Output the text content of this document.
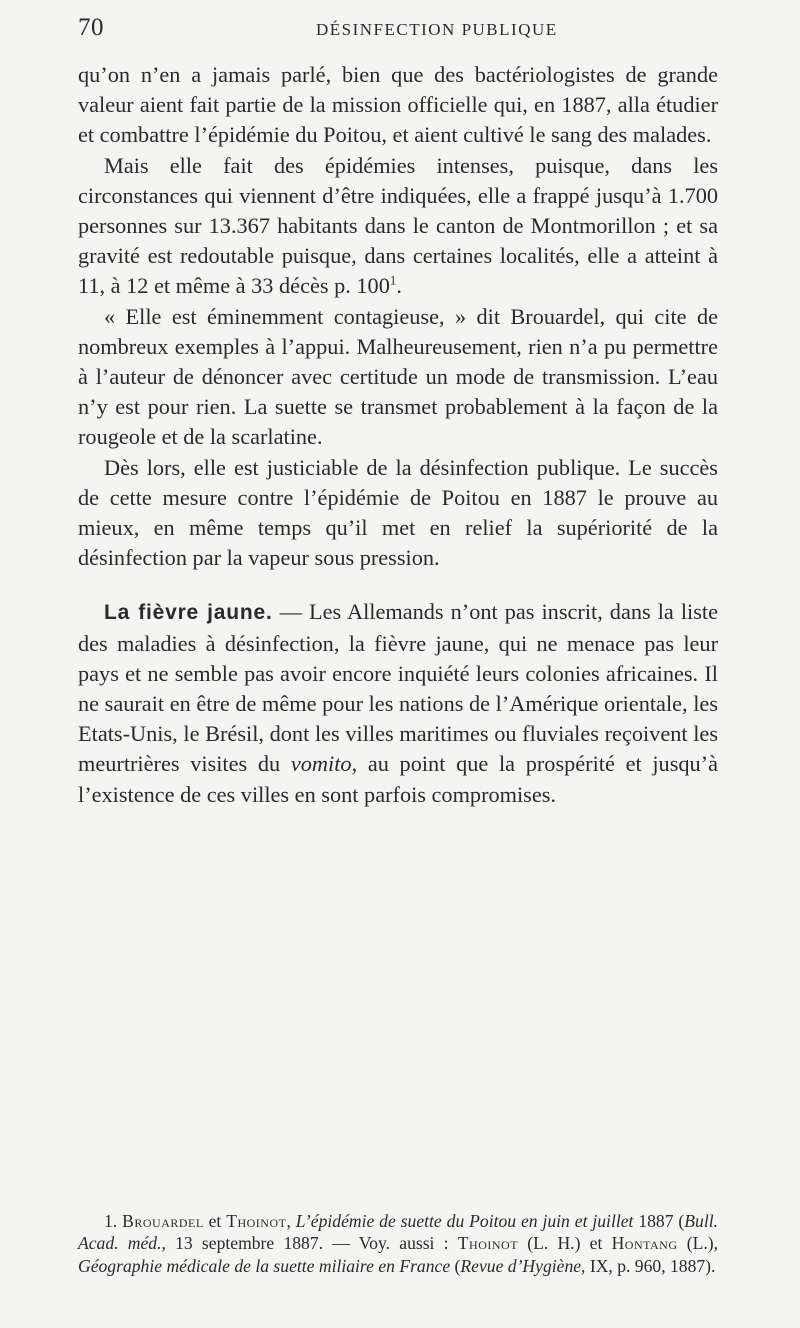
70	DÉSINFECTION PUBLIQUE

qu’on n’en a jamais parlé, bien que des bactériologistes de grande valeur aient fait partie de la mission officielle qui, en 1887, alla étudier et combattre l’épidémie du Poitou, et aient cultivé le sang des malades.

Mais elle fait des épidémies intenses, puisque, dans les circonstances qui viennent d’être indiquées, elle a frappé jusqu’à 1.700 personnes sur 13.367 habitants dans le canton de Montmorillon ; et sa gravité est redoutable puisque, dans certaines localités, elle a atteint à 11, à 12 et même à 33 décès p. $100^1$.

« Elle est éminemment contagieuse, » dit Brouardel, qui cite de nombreux exemples à l’appui. Malheureusement, rien n’a pu permettre à l’auteur de dénoncer avec certitude un mode de transmission. L’eau n’y est pour rien. La suette se transmet probablement à la façon de la rougeole et de la scarlatine.

Dès lors, elle est justiciable de la désinfection publique. Le succès de cette mesure contre l’épidémie de Poitou en 1887 le prouve au mieux, en même temps qu’il met en relief la supériorité de la désinfection par la vapeur sous pression.

La fièvre jaune. — Les Allemands n’ont pas inscrit, dans la liste des maladies à désinfection, la fièvre jaune, qui ne menace pas leur pays et ne semble pas avoir encore inquiété leurs colonies africaines. Il ne saurait en être de même pour les nations de l’Amérique orientale, les Etats-Unis, le Brésil, dont les villes maritimes ou fluviales reçoivent les meurtrières visites du vomito, au point que la prospérité et jusqu’à l’existence de ces villes en sont parfois compromises.

1. Brouardel et Thoinot, L’épidémie de suette du Poitou en juin et juillet 1887 (Bull. Acad. méd., 13 septembre 1887. — Voy. aussi : Thoinot (L. H.) et Hontang (L.), Géographie médicale de la suette miliaire en France (Revue d’Hygiène, IX, p. 960, 1887).
